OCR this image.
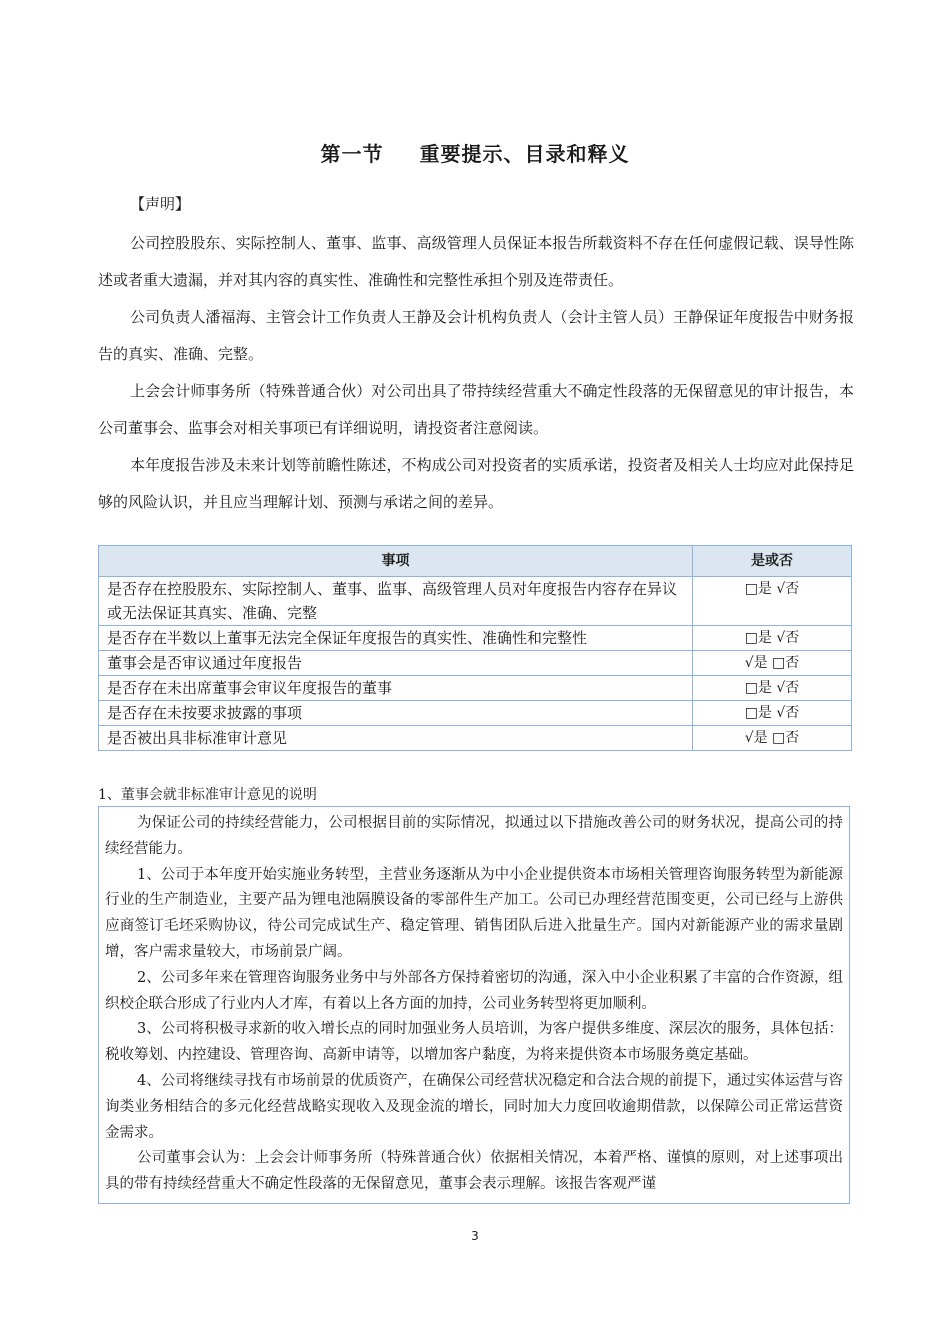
第一节 重要提示、目录和释义
【声明】

公司控股股东、实际控制人、董事、监事、高级管理人员保证本报告所载资料不存在任何虚假记载、误导性陈述或者重大遗漏，并对其内容的真实性、准确性和完整性承担个别及连带责任。

公司负责人潘福海、主管会计工作负责人王静及会计机构负责人（会计主管人员）王静保证年度报告中财务报告的真实、准确、完整。

上会会计师事务所（特殊普通合伙）对公司出具了带持续经营重大不确定性段落的无保留意见的审计报告，本公司董事会、监事会对相关事项已有详细说明，请投资者注意阅读。

本年度报告涉及未来计划等前瞻性陈述，不构成公司对投资者的实质承诺，投资者及相关人士均应对此保持足够的风险认识，并且应当理解计划、预测与承诺之间的差异。

事项	是或否
是否存在控股股东、实际控制人、董事、监事、高级管理人员对年度报告内容存在异议或无法保证其真实、准确、完整	□是 √否
是否存在半数以上董事无法完全保证年度报告的真实性、准确性和完整性	□是 √否
董事会是否审议通过年度报告	√是 □否
是否存在未出席董事会审议年度报告的董事	□是 √否
是否存在未按要求披露的事项	□是 √否
是否被出具非标准审计意见	√是 □否
1、董事会就非标准审计意见的说明

为保证公司的持续经营能力，公司根据目前的实际情况，拟通过以下措施改善公司的财务状况，提高公司的持续经营能力。

1、公司于本年度开始实施业务转型，主营业务逐渐从为中小企业提供资本市场相关管理咨询服务转型为新能源行业的生产制造业，主要产品为锂电池隔膜设备的零部件生产加工。公司已办理经营范围变更，公司已经与上游供应商签订毛坯采购协议，待公司完成试生产、稳定管理、销售团队后进入批量生产。国内对新能源产业的需求量剧增，客户需求量较大，市场前景广阔。

2、公司多年来在管理咨询服务业务中与外部各方保持着密切的沟通，深入中小企业积累了丰富的合作资源，组织校企联合形成了行业内人才库，有着以上各方面的加持，公司业务转型将更加顺利。

3、公司将积极寻求新的收入增长点的同时加强业务人员培训，为客户提供多维度、深层次的服务，具体包括：税收筹划、内控建设、管理咨询、高新申请等，以增加客户黏度，为将来提供资本市场服务奠定基础。

4、公司将继续寻找有市场前景的优质资产，在确保公司经营状况稳定和合法合规的前提下，通过实体运营与咨询类业务相结合的多元化经营战略实现收入及现金流的增长，同时加大力度回收逾期借款，以保障公司正常运营资金需求。

公司董事会认为：上会会计师事务所（特殊普通合伙）依据相关情况，本着严格、谨慎的原则，对上述事项出具的带有持续经营重大不确定性段落的无保留意见，董事会表示理解。该报告客观严谨

3
